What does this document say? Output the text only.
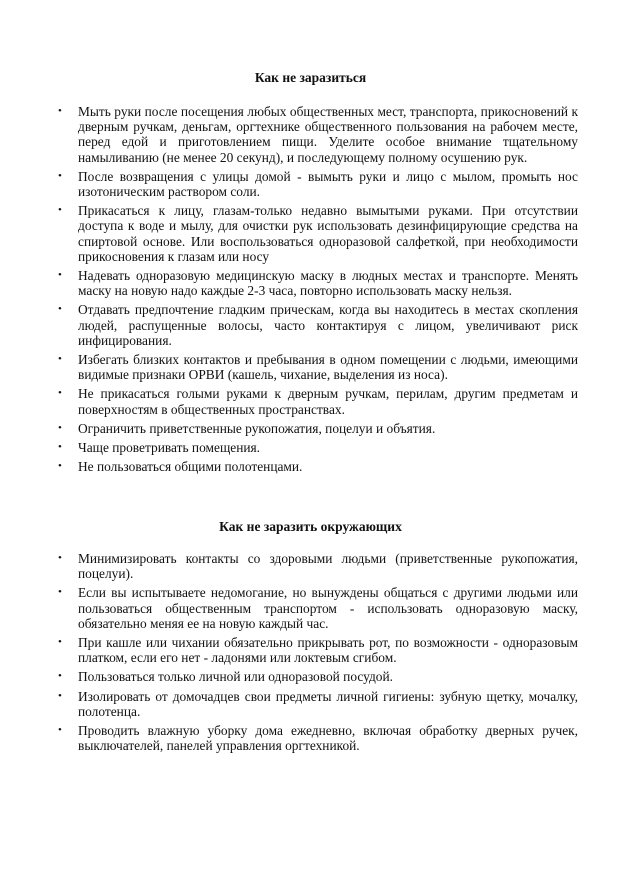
Как не заразиться
• Мыть руки после посещения любых общественных мест, транспорта, прикосновений к дверным ручкам, деньгам, оргтехнике общественного пользования на рабочем месте, перед едой и приготовлением пищи. Уделите особое внимание тщательному намыливанию (не менее 20 секунд), и последующему полному осушению рук.
• После возвращения с улицы домой - вымыть руки и лицо с мылом, промыть нос изотоническим раствором соли.
• Прикасаться к лицу, глазам-только недавно вымытыми руками. При отсутствии доступа к воде и мылу, для очистки рук использовать дезинфицирующие средства на спиртовой основе. Или воспользоваться одноразовой салфеткой, при необходимости прикосновения к глазам или носу
• Надевать одноразовую медицинскую маску в людных местах и транспорте. Менять маску на новую надо каждые 2-3 часа, повторно использовать маску нельзя.
• Отдавать предпочтение гладким прическам, когда вы находитесь в местах скопления людей, распущенные волосы, часто контактируя с лицом, увеличивают риск инфицирования.
• Избегать близких контактов и пребывания в одном помещении с людьми, имеющими видимые признаки ОРВИ (кашель, чихание, выделения из носа).
• Не прикасаться голыми руками к дверным ручкам, перилам, другим предметам и поверхностям в общественных пространствах.
• Ограничить приветственные рукопожатия, поцелуи и объятия.
• Чаще проветривать помещения.
• Не пользоваться общими полотенцами.
Как не заразить окружающих
• Минимизировать контакты со здоровыми людьми (приветственные рукопожатия, поцелуи).
• Если вы испытываете недомогание, но вынуждены общаться с другими людьми или пользоваться общественным транспортом - использовать одноразовую маску, обязательно меняя ее на новую каждый час.
• При кашле или чихании обязательно прикрывать рот, по возможности - одноразовым платком, если его нет - ладонями или локтевым сгибом.
• Пользоваться только личной или одноразовой посудой.
• Изолировать от домочадцев свои предметы личной гигиены: зубную щетку, мочалку, полотенца.
• Проводить влажную уборку дома ежедневно, включая обработку дверных ручек, выключателей, панелей управления оргтехникой.
